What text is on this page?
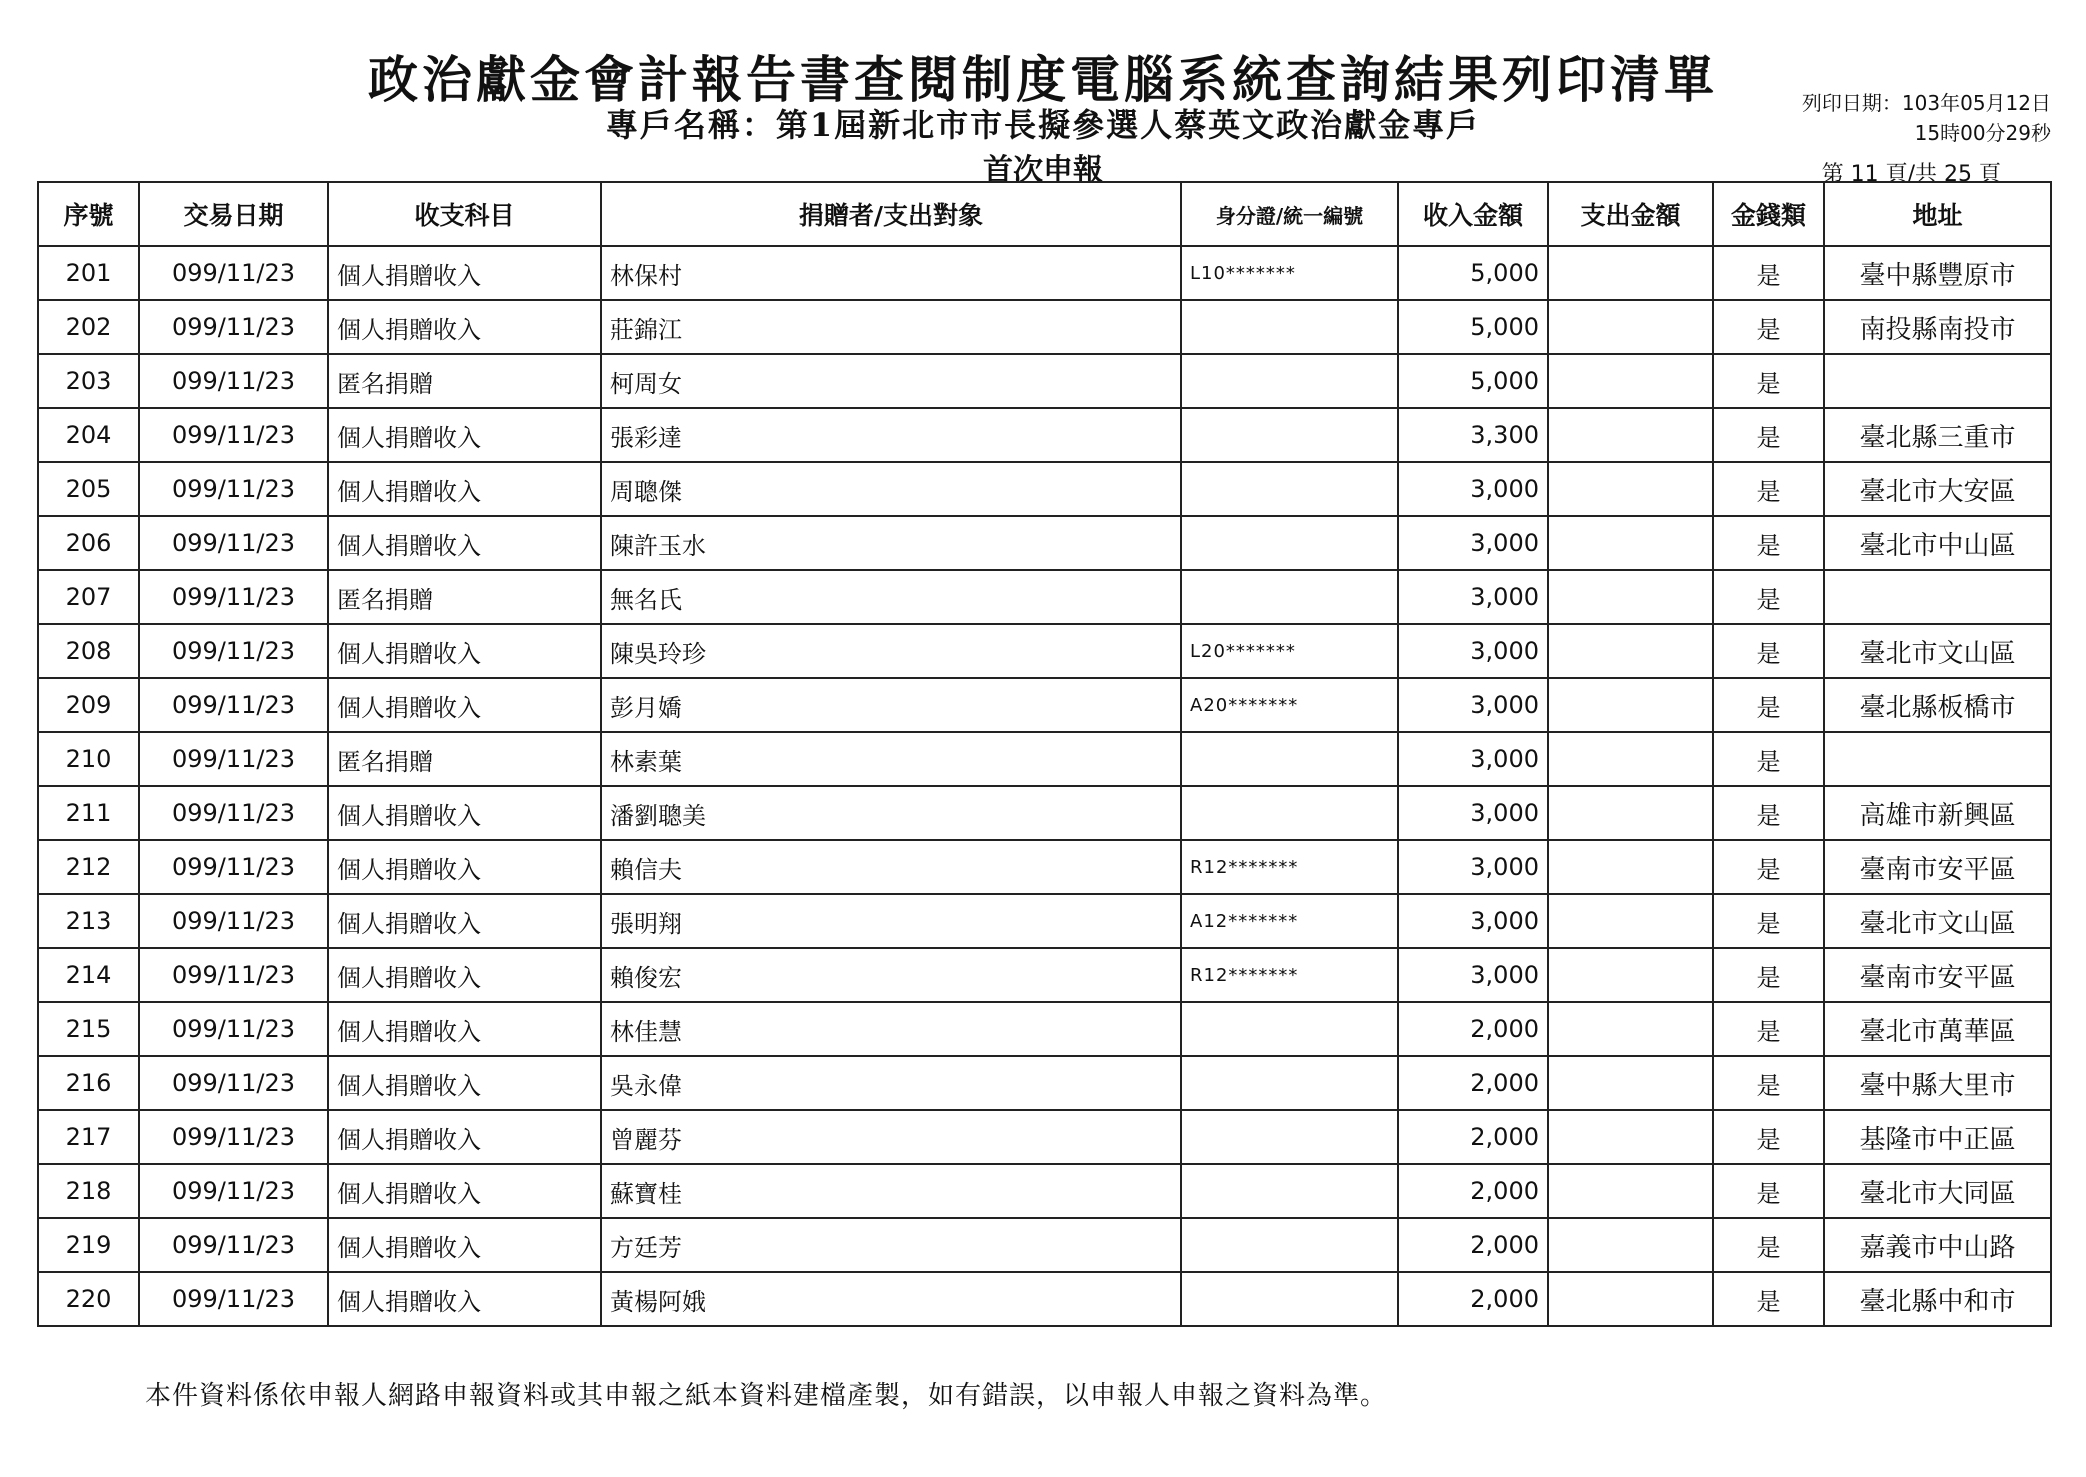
政治獻金會計報告書查閱制度電腦系統查詢結果列印清單
專戶名稱：第1屆新北市市長擬參選人蔡英文政治獻金專戶
首次申報
列印日期：103年05月12日
15時00分29秒
第 11 頁/共 25 頁
序號	交易日期	收支科目	捐贈者/支出對象	身分證/統一編號	收入金額	支出金額	金錢類	地址
201	099/11/23	個人捐贈收入	林保村	L10*******	5,000		是	臺中縣豐原市
202	099/11/23	個人捐贈收入	莊錦江		5,000		是	南投縣南投市
203	099/11/23	匿名捐贈	柯周女		5,000		是	
204	099/11/23	個人捐贈收入	張彩達		3,300		是	臺北縣三重市
205	099/11/23	個人捐贈收入	周聰傑		3,000		是	臺北市大安區
206	099/11/23	個人捐贈收入	陳許玉水		3,000		是	臺北市中山區
207	099/11/23	匿名捐贈	無名氏		3,000		是	
208	099/11/23	個人捐贈收入	陳吳玲珍	L20*******	3,000		是	臺北市文山區
209	099/11/23	個人捐贈收入	彭月嬌	A20*******	3,000		是	臺北縣板橋市
210	099/11/23	匿名捐贈	林素葉		3,000		是	
211	099/11/23	個人捐贈收入	潘劉聰美		3,000		是	高雄市新興區
212	099/11/23	個人捐贈收入	賴信夫	R12*******	3,000		是	臺南市安平區
213	099/11/23	個人捐贈收入	張明翔	A12*******	3,000		是	臺北市文山區
214	099/11/23	個人捐贈收入	賴俊宏	R12*******	3,000		是	臺南市安平區
215	099/11/23	個人捐贈收入	林佳慧		2,000		是	臺北市萬華區
216	099/11/23	個人捐贈收入	吳永偉		2,000		是	臺中縣大里市
217	099/11/23	個人捐贈收入	曾麗芬		2,000		是	基隆市中正區
218	099/11/23	個人捐贈收入	蘇寶桂		2,000		是	臺北市大同區
219	099/11/23	個人捐贈收入	方廷芳		2,000		是	嘉義市中山路
220	099/11/23	個人捐贈收入	黃楊阿娥		2,000		是	臺北縣中和市
本件資料係依申報人網路申報資料或其申報之紙本資料建檔產製，如有錯誤，以申報人申報之資料為準。
